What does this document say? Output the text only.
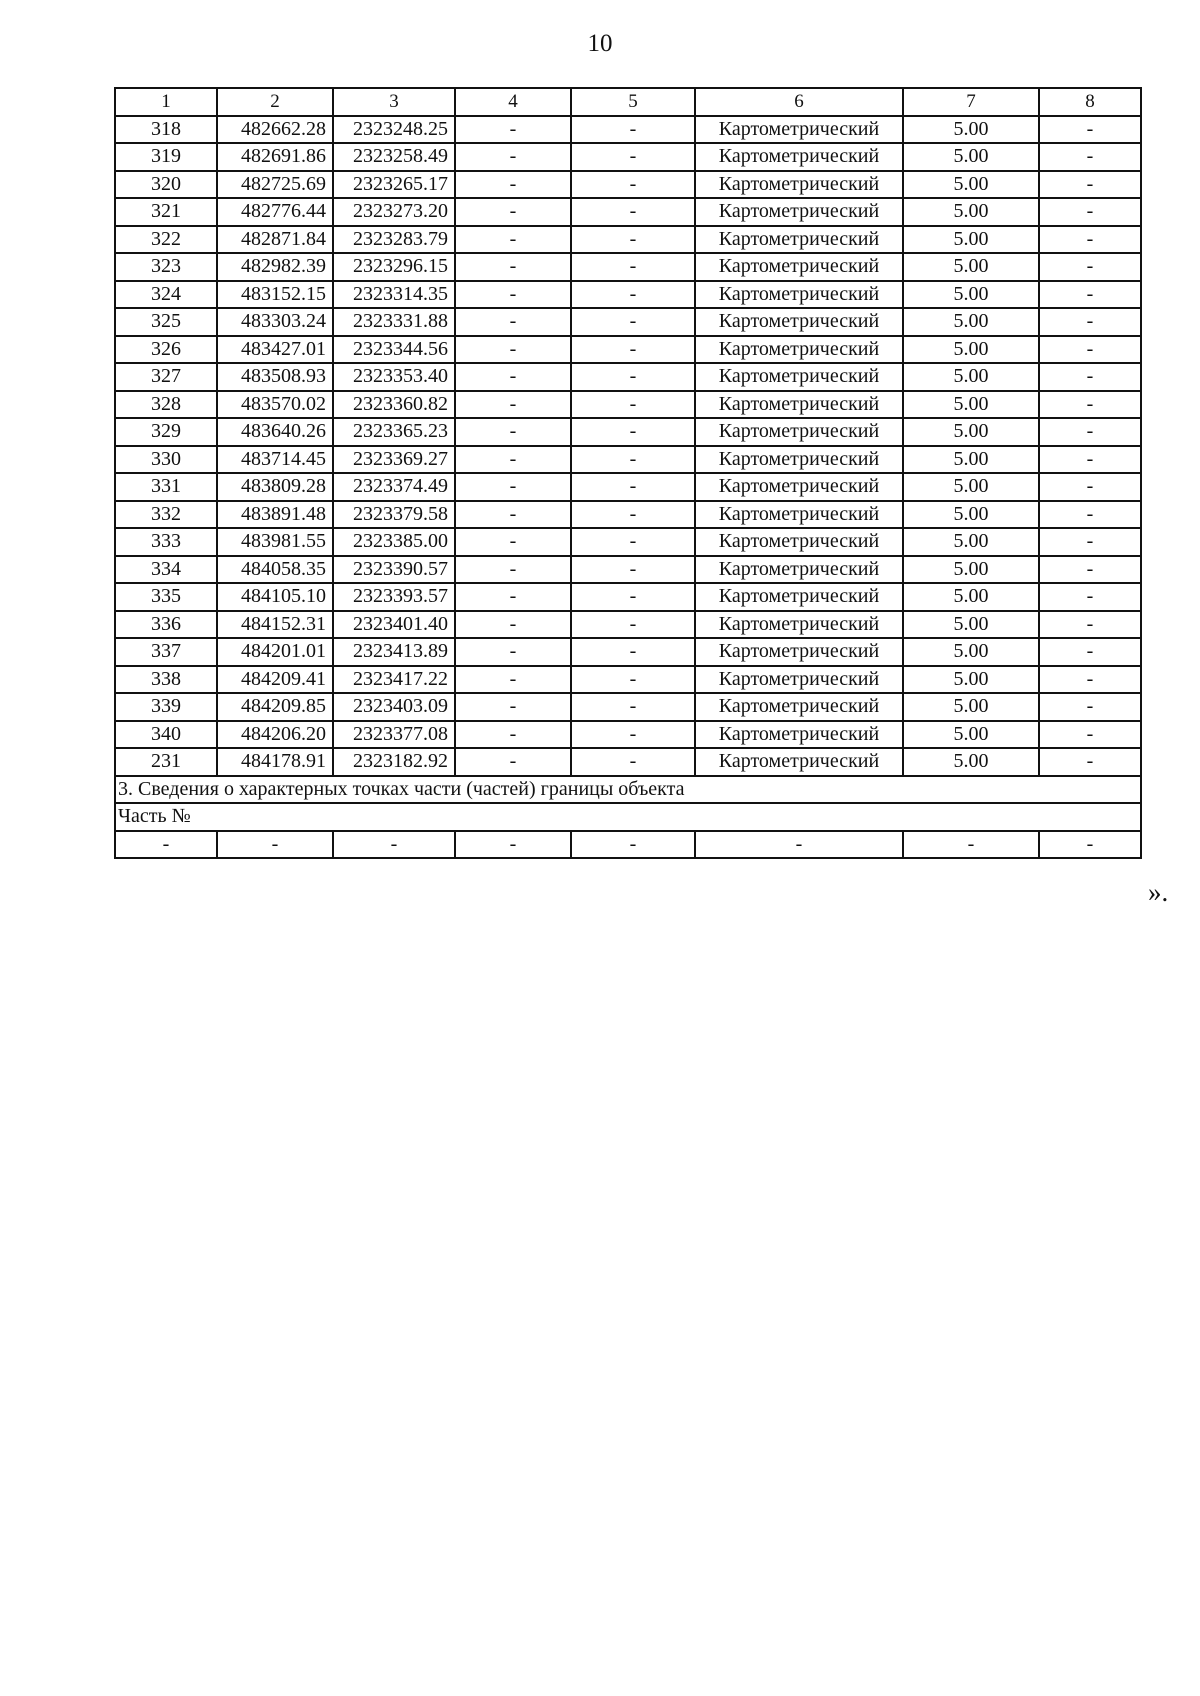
10
1	2	3	4	5	6	7	8
318	482662.28	2323248.25	-	-	Картометрический	5.00	-
319	482691.86	2323258.49	-	-	Картометрический	5.00	-
320	482725.69	2323265.17	-	-	Картометрический	5.00	-
321	482776.44	2323273.20	-	-	Картометрический	5.00	-
322	482871.84	2323283.79	-	-	Картометрический	5.00	-
323	482982.39	2323296.15	-	-	Картометрический	5.00	-
324	483152.15	2323314.35	-	-	Картометрический	5.00	-
325	483303.24	2323331.88	-	-	Картометрический	5.00	-
326	483427.01	2323344.56	-	-	Картометрический	5.00	-
327	483508.93	2323353.40	-	-	Картометрический	5.00	-
328	483570.02	2323360.82	-	-	Картометрический	5.00	-
329	483640.26	2323365.23	-	-	Картометрический	5.00	-
330	483714.45	2323369.27	-	-	Картометрический	5.00	-
331	483809.28	2323374.49	-	-	Картометрический	5.00	-
332	483891.48	2323379.58	-	-	Картометрический	5.00	-
333	483981.55	2323385.00	-	-	Картометрический	5.00	-
334	484058.35	2323390.57	-	-	Картометрический	5.00	-
335	484105.10	2323393.57	-	-	Картометрический	5.00	-
336	484152.31	2323401.40	-	-	Картометрический	5.00	-
337	484201.01	2323413.89	-	-	Картометрический	5.00	-
338	484209.41	2323417.22	-	-	Картометрический	5.00	-
339	484209.85	2323403.09	-	-	Картометрический	5.00	-
340	484206.20	2323377.08	-	-	Картометрический	5.00	-
231	484178.91	2323182.92	-	-	Картометрический	5.00	-
3. Сведения о характерных точках части (частей) границы объекта							
Часть №							
-	-	-	-	-	-	-	-
».
